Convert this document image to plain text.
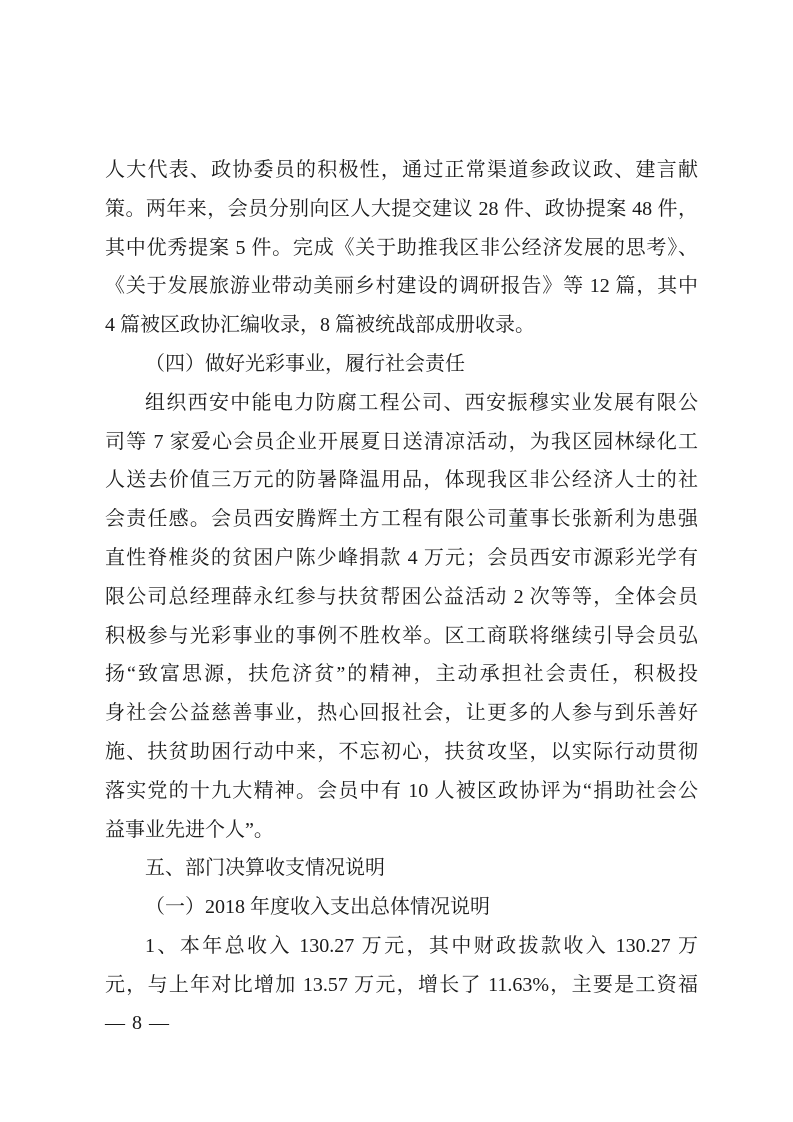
人大代表、政协委员的积极性，通过正常渠道参政议政、建言献
策。两年来，会员分别向区人大提交建议 28 件、政协提案 48 件，
其中优秀提案 5 件。完成《关于助推我区非公经济发展的思考》、
《关于发展旅游业带动美丽乡村建设的调研报告》等 12 篇，其中
4 篇被区政协汇编收录，8 篇被统战部成册收录。
（四）做好光彩事业，履行社会责任
组织西安中能电力防腐工程公司、西安振穆实业发展有限公
司等 7 家爱心会员企业开展夏日送清凉活动，为我区园林绿化工
人送去价值三万元的防暑降温用品，体现我区非公经济人士的社
会责任感。会员西安腾辉土方工程有限公司董事长张新利为患强
直性脊椎炎的贫困户陈少峰捐款 4 万元；会员西安市源彩光学有
限公司总经理薛永红参与扶贫帮困公益活动 2 次等等，全体会员
积极参与光彩事业的事例不胜枚举。区工商联将继续引导会员弘
扬“致富思源，扶危济贫”的精神，主动承担社会责任，积极投
身社会公益慈善事业，热心回报社会，让更多的人参与到乐善好
施、扶贫助困行动中来，不忘初心，扶贫攻坚，以实际行动贯彻
落实党的十九大精神。会员中有 10 人被区政协评为“捐助社会公
益事业先进个人”。
五、部门决算收支情况说明
（一）2018 年度收入支出总体情况说明
1、本年总收入 130.27 万元，其中财政拔款收入 130.27 万
元，与上年对比增加 13.57 万元，增长了 11.63%，主要是工资福
— 8 —
